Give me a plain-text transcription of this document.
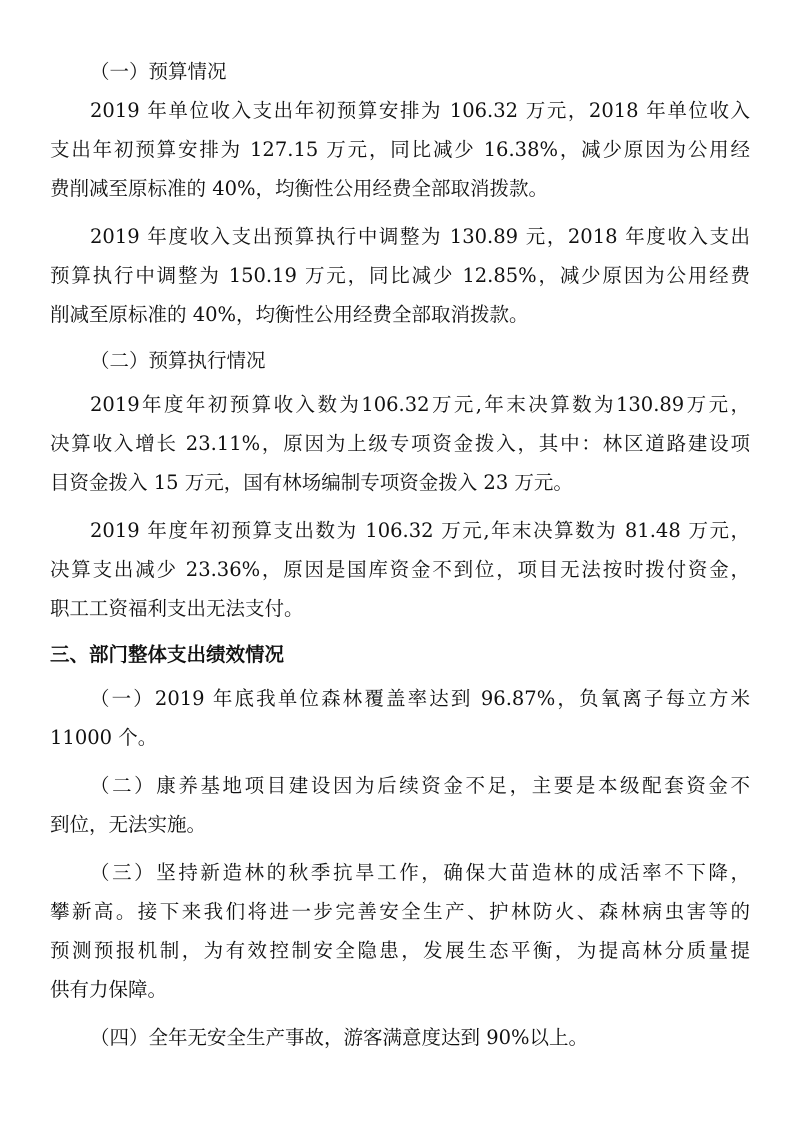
（一）预算情况
2019 年单位收入支出年初预算安排为 106.32 万元，2018 年单位收入
支出年初预算安排为 127.15 万元，同比减少 16.38%，减少原因为公用经
费削减至原标准的 40%，均衡性公用经费全部取消拨款。
2019 年度收入支出预算执行中调整为 130.89 元，2018 年度收入支出
预算执行中调整为 150.19 万元，同比减少 12.85%，减少原因为公用经费
削减至原标准的 40%，均衡性公用经费全部取消拨款。
（二）预算执行情况
2019年度年初预算收入数为106.32万元,年末决算数为130.89万元，
决算收入增长 23.11%，原因为上级专项资金拨入，其中：林区道路建设项
目资金拨入 15 万元，国有林场编制专项资金拨入 23 万元。
2019 年度年初预算支出数为 106.32 万元,年末决算数为 81.48 万元，
决算支出减少 23.36%，原因是国库资金不到位，项目无法按时拨付资金，
职工工资福利支出无法支付。
三、部门整体支出绩效情况
（一）2019 年底我单位森林覆盖率达到 96.87%，负氧离子每立方米
11000 个。
（二）康养基地项目建设因为后续资金不足，主要是本级配套资金不
到位，无法实施。
（三）坚持新造林的秋季抗旱工作，确保大苗造林的成活率不下降，
攀新高。接下来我们将进一步完善安全生产、护林防火、森林病虫害等的
预测预报机制，为有效控制安全隐患，发展生态平衡，为提高林分质量提
供有力保障。
（四）全年无安全生产事故，游客满意度达到 90%以上。
